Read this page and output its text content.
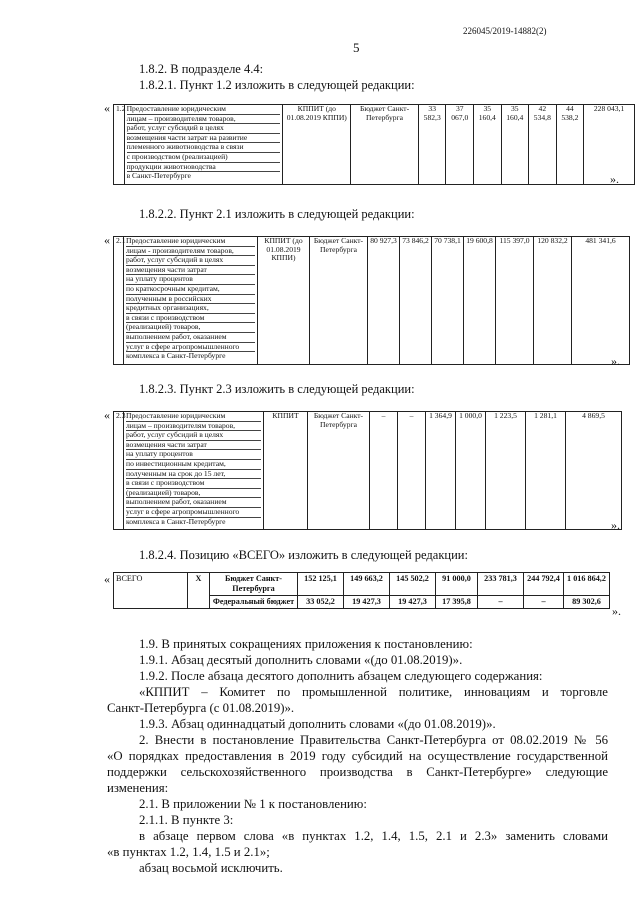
226045/2019-14882(2)
5
1.8.2. В подразделе 4.4:
1.8.2.1. Пункт 1.2 изложить в следующей редакции:
« 1.2	Предоставление юридическим
лицам – производителям товаров,
работ, услуг субсидий в целях
возмещения части затрат на развитие
племенного животноводства в связи
с производством (реализацией)
продукции животноводства
в Санкт-Петербурге
	КППИТ (до 01.08.2019 КППИ)	Бюджет Санкт-Петербурга	33 582,3	37 067,0	35 160,4	35 160,4	42 534,8	44 538,2	228 043,1
».
1.8.2.2. Пункт 2.1 изложить в следующей редакции:
« 2.1	Предоставление юридическим
лицам - производителям товаров,
работ, услуг субсидий в целях
возмещения части затрат
на уплату процентов
по краткосрочным кредитам,
полученным в российских
кредитных организациях,
в связи с производством
(реализацией) товаров,
выполнением работ, оказанием
услуг в сфере агропромышленного
комплекса в Санкт-Петербурге
	КППИТ (до 01.08.2019 КППИ)	Бюджет Санкт-Петербурга	80 927,3	73 846,2	70 738,1	19 600,8	115 397,0	120 832,2	481 341,6
».
1.8.2.3. Пункт 2.3 изложить в следующей редакции:
« 2.3	Предоставление юридическим
лицам – производителям товаров,
работ, услуг субсидий в целях
возмещения части затрат
на уплату процентов
по инвестиционным кредитам,
полученным на срок до 15 лет,
в связи с производством
(реализацией) товаров,
выполнением работ, оказанием
услуг в сфере агропромышленного
комплекса в Санкт-Петербурге
	КППИТ	Бюджет Санкт-Петербурга	–	–	1 364,9	1 000,0	1 223,5	1 281,1	4 869,5
».
1.8.2.4. Позицию «ВСЕГО» изложить в следующей редакции:
« ВСЕГО	X	Бюджет Санкт-Петербурга	152 125,1	149 663,2	145 502,2	91 000,0	233 781,3	244 792,4	1 016 864,2
		Федеральный бюджет	33 052,2	19 427,3	19 427,3	17 395,8	–	–	89 302,6
».
1.9. В принятых сокращениях приложения к постановлению:
1.9.1. Абзац десятый дополнить словами «(до 01.08.2019)».
1.9.2. После абзаца десятого дополнить абзацем следующего содержания:
«КППИТ – Комитет по промышленной политике, инновациям и торговле
Санкт-Петербурга (с 01.08.2019)».
1.9.3. Абзац одиннадцатый дополнить словами «(до 01.08.2019)».
2. Внести в постановление Правительства Санкт-Петербурга от 08.02.2019 № 56
«О порядках предоставления в 2019 году субсидий на осуществление государственной
поддержки сельскохозяйственного производства в Санкт-Петербурге» следующие
изменения:
2.1. В приложении № 1 к постановлению:
2.1.1. В пункте 3:
в абзаце первом слова «в пунктах 1.2, 1.4, 1.5, 2.1 и 2.3» заменить словами
«в пунктах 1.2, 1.4, 1.5 и 2.1»;
абзац восьмой исключить.
